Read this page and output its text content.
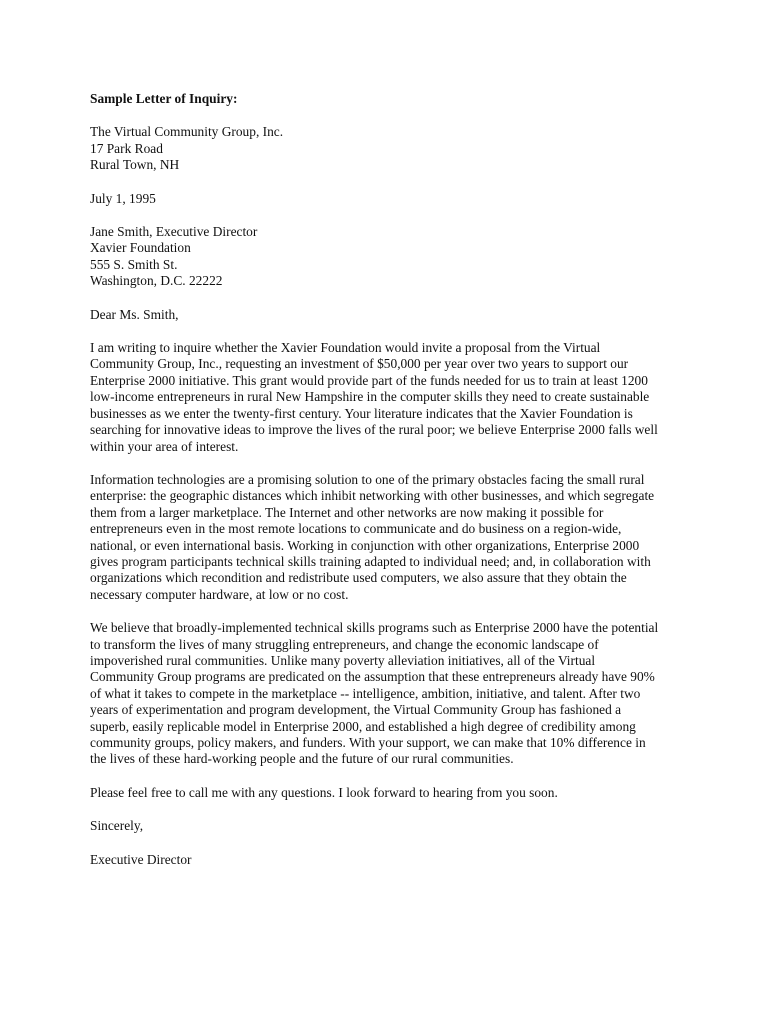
Sample Letter of Inquiry:
The Virtual Community Group, Inc.
17 Park Road
Rural Town, NH
July 1, 1995
Jane Smith, Executive Director
Xavier Foundation
555 S. Smith St.
Washington, D.C. 22222
Dear Ms. Smith,

I am writing to inquire whether the Xavier Foundation would invite a proposal from the Virtual
Community Group, Inc., requesting an investment of $50,000 per year over two years to support our
Enterprise 2000 initiative. This grant would provide part of the funds needed for us to train at least 1200
low-income entrepreneurs in rural New Hampshire in the computer skills they need to create sustainable
businesses as we enter the twenty-first century. Your literature indicates that the Xavier Foundation is
searching for innovative ideas to improve the lives of the rural poor; we believe Enterprise 2000 falls well
within your area of interest.

Information technologies are a promising solution to one of the primary obstacles facing the small rural
enterprise: the geographic distances which inhibit networking with other businesses, and which segregate
them from a larger marketplace. The Internet and other networks are now making it possible for
entrepreneurs even in the most remote locations to communicate and do business on a region-wide,
national, or even international basis. Working in conjunction with other organizations, Enterprise 2000
gives program participants technical skills training adapted to individual need; and, in collaboration with
organizations which recondition and redistribute used computers, we also assure that they obtain the
necessary computer hardware, at low or no cost.

We believe that broadly-implemented technical skills programs such as Enterprise 2000 have the potential
to transform the lives of many struggling entrepreneurs, and change the economic landscape of
impoverished rural communities. Unlike many poverty alleviation initiatives, all of the Virtual
Community Group programs are predicated on the assumption that these entrepreneurs already have 90%
of what it takes to compete in the marketplace -- intelligence, ambition, initiative, and talent. After two
years of experimentation and program development, the Virtual Community Group has fashioned a
superb, easily replicable model in Enterprise 2000, and established a high degree of credibility among
community groups, policy makers, and funders. With your support, we can make that 10% difference in
the lives of these hard-working people and the future of our rural communities.

Please feel free to call me with any questions. I look forward to hearing from you soon.

Sincerely,
Executive Director
